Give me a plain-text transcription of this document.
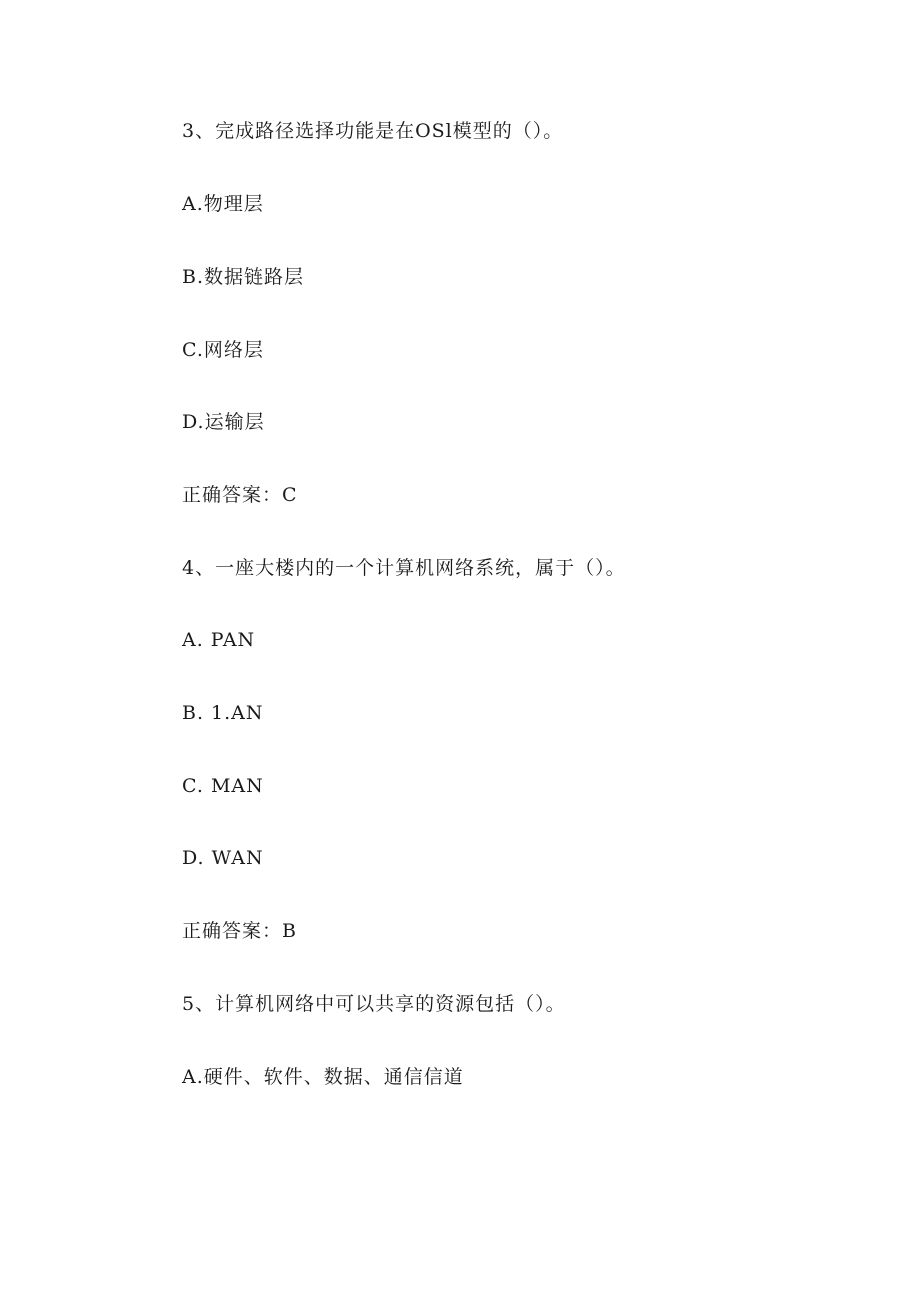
3、完成路径选择功能是在OSl模型的（）。
A.物理层
B.数据链路层
C.网络层
D.运输层
正确答案：C
4、一座大楼内的一个计算机网络系统，属于（）。
A. PAN
B. 1.AN
C. MAN
D. WAN
正确答案：B
5、计算机网络中可以共享的资源包括（）。
A.硬件、软件、数据、通信信道
